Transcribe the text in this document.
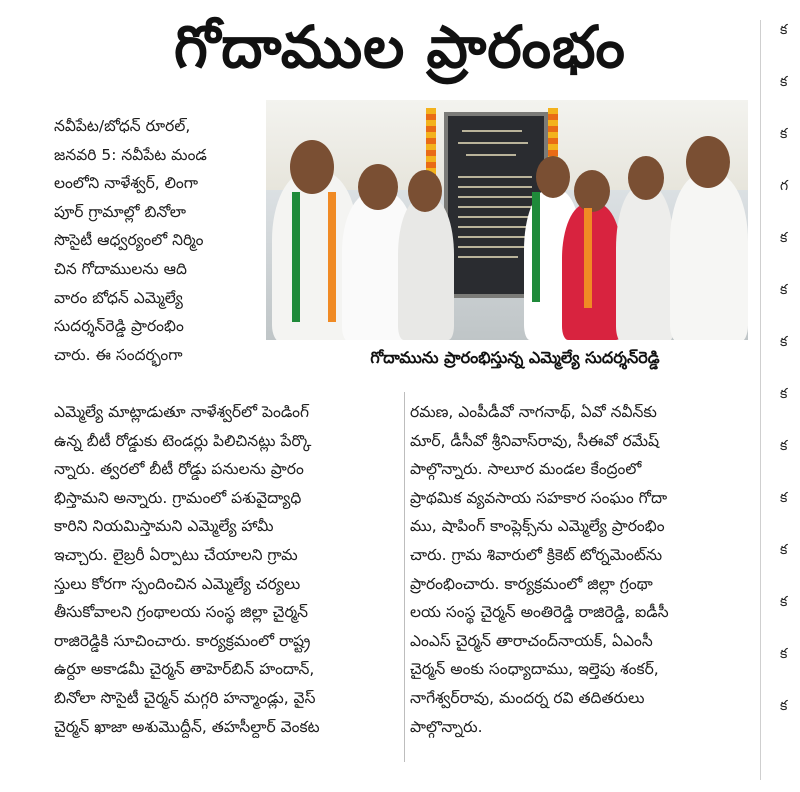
గోదాముల ప్రారంభం
నవీపేట/బోధన్ రూరల్,
జనవరి 5: నవీపేట మండ
లంలోని నాళేశ్వర్, లింగా
పూర్ గ్రామాల్లో బినోలా
సొసైటీ ఆధ్వర్యంలో నిర్మిం
చిన గోదాములను ఆది
వారం బోధన్ ఎమ్మెల్యే
సుదర్శన్‌రెడ్డి ప్రారంభిం
చారు. ఈ సందర్భంగా	గోదామును ప్రారంభిస్తున్న ఎమ్మెల్యే సుదర్శన్‌రెడ్డి
ఎమ్మెల్యే మాట్లాడుతూ నాళేశ్వర్‌లో పెండింగ్
ఉన్న బీటీ రోడ్డుకు టెండర్లు పిలిచినట్లు పేర్కొ
న్నారు. త్వరలో బీటీ రోడ్డు పనులను ప్రారం
భిస్తామని అన్నారు. గ్రామంలో పశువైద్యాధి
కారిని నియమిస్తామని ఎమ్మెల్యే హామీ
ఇచ్చారు. లైబ్రరీ ఏర్పాటు చేయాలని గ్రామ
స్తులు కోరగా స్పందించిన ఎమ్మెల్యే చర్యలు
తీసుకోవాలని గ్రంథాలయ సంస్థ జిల్లా చైర్మన్
రాజిరెడ్డికి సూచించారు. కార్యక్రమంలో రాష్ట్ర
ఉర్దూ అకాడమీ చైర్మన్ తాహెర్‌బిన్ హందాన్,
బినోలా సొసైటీ చైర్మన్ మగ్గరి హన్మాండ్లు, వైస్
చైర్మన్ ఖాజా అశుమొద్దీన్, తహసీల్దార్ వెంకట
రమణ, ఎంపీడీవో నాగనాథ్, ఏవో నవీన్‌కు
మార్, డీసీవో శ్రీనివాస్‌రావు, సీఈవో రమేష్
పాల్గొన్నారు. సాలూర మండల కేంద్రంలో
ప్రాథమిక వ్యవసాయ సహకార సంఘం గోదా
ము, షాపింగ్ కాంప్లెక్స్‌ను ఎమ్మెల్యే ప్రారంభిం
చారు. గ్రామ శివారులో క్రికెట్ టోర్నమెంట్‌ను
ప్రారంభించారు. కార్యక్రమంలో జిల్లా గ్రంథా
లయ సంస్థ చైర్మన్ అంతిరెడ్డి రాజిరెడ్డి, ఐడీసీ
ఎంఎస్ చైర్మన్ తారాచంద్‌నాయక్, ఏఎంసీ
చైర్మన్ అంకు సంధ్యాదాము, ఇల్తెపు శంకర్,
నాగేశ్వర్‌రావు, మందర్న రవి తదితరులు
పాల్గొన్నారు.
క
క
క
గ
క
క
క
క
క
క
క
క
క
క
